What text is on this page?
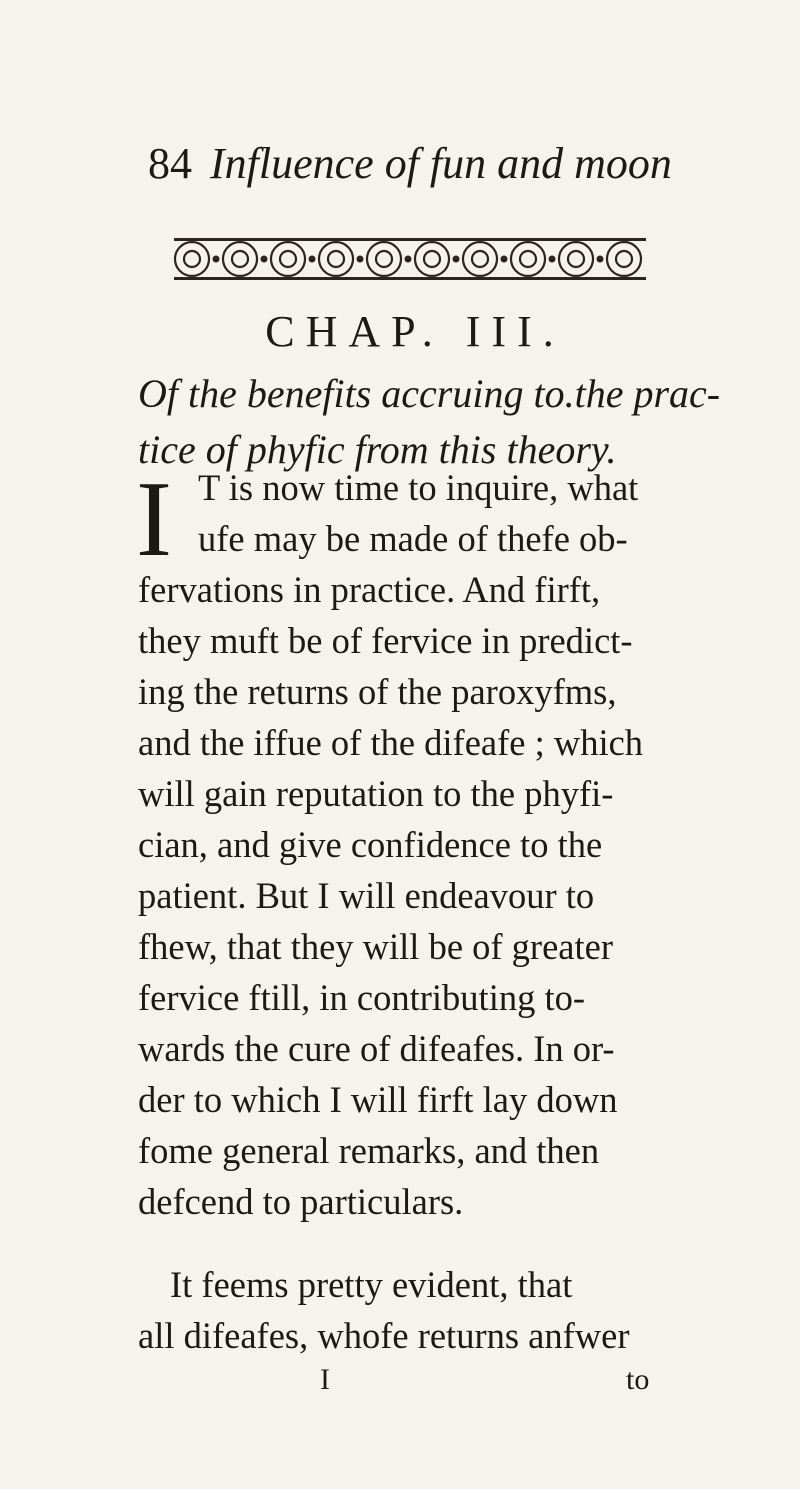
84 Influence of fun and moon
CHAP. III.
Of the benefits accruing to.the prac-
tice of phyfic from this theory.
I T is now time to inquire, what
ufe may be made of thefe ob-
fervations in practice. And firft,
they muft be of fervice in predict-
ing the returns of the paroxyfms,
and the iffue of the difeafe ; which
will gain reputation to the phyfi-
cian, and give confidence to the
patient. But I will endeavour to
fhew, that they will be of greater
fervice ftill, in contributing to-
wards the cure of difeafes. In or-
der to which I will firft lay down
fome general remarks, and then
defcend to particulars.
It feems pretty evident, that
all difeafes, whofe returns anfwer
I	to
